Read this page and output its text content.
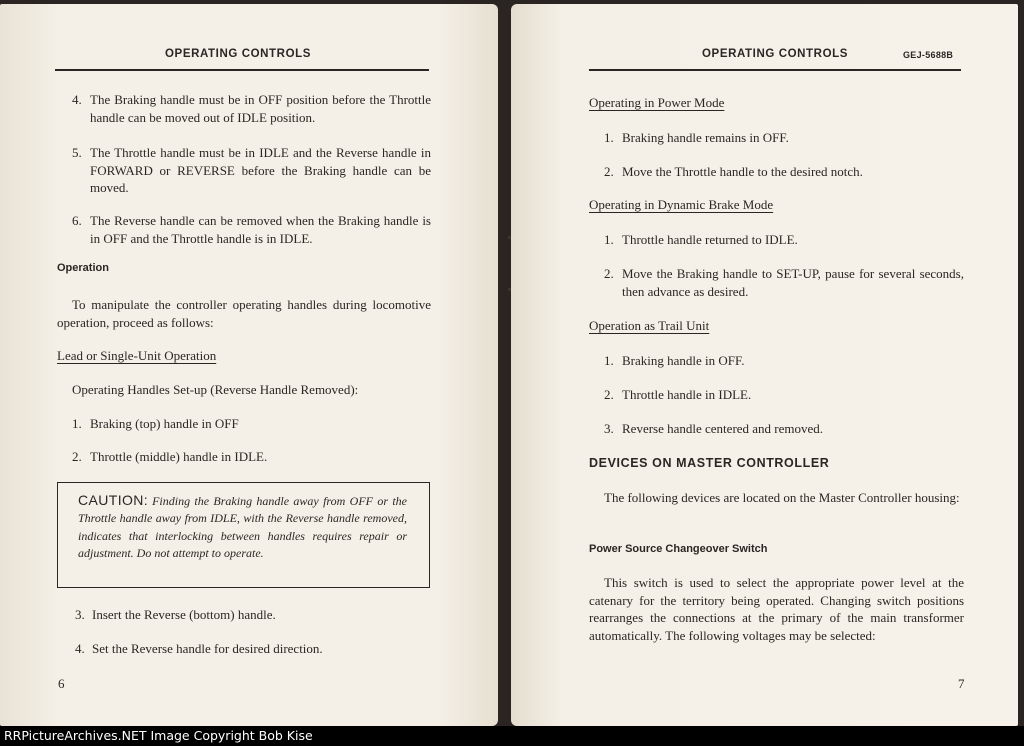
OPERATING CONTROLS
4. The Braking handle must be in OFF position before the Throttle handle can be moved out of IDLE position.
5. The Throttle handle must be in IDLE and the Reverse handle in FORWARD or REVERSE before the Braking handle can be moved.
6. The Reverse handle can be removed when the Braking handle is in OFF and the Throttle handle is in IDLE.
Operation
To manipulate the controller operating handles during locomotive operation, proceed as follows:
Lead or Single-Unit Operation
Operating Handles Set-up (Reverse Handle Removed):
1. Braking (top) handle in OFF
2. Throttle (middle) handle in IDLE.
CAUTION: Finding the Braking handle away from OFF or the Throttle handle away from IDLE, with the Reverse handle removed, indicates that interlocking between handles requires repair or adjustment. Do not attempt to operate.
3. Insert the Reverse (bottom) handle.
4. Set the Reverse handle for desired direction.
6
OPERATING CONTROLS	GEJ-5688B
Operating in Power Mode
1. Braking handle remains in OFF.
2. Move the Throttle handle to the desired notch.
Operating in Dynamic Brake Mode
1. Throttle handle returned to IDLE.
2. Move the Braking handle to SET-UP, pause for several seconds, then advance as desired.
Operation as Trail Unit
1. Braking handle in OFF.
2. Throttle handle in IDLE.
3. Reverse handle centered and removed.
DEVICES ON MASTER CONTROLLER
The following devices are located on the Master Controller housing:
Power Source Changeover Switch
This switch is used to select the appropriate power level at the catenary for the territory being operated. Changing switch positions rearranges the connections at the primary of the main transformer automatically. The following voltages may be selected:
7
RRPictureArchives.NET Image Copyright Bob Kise
